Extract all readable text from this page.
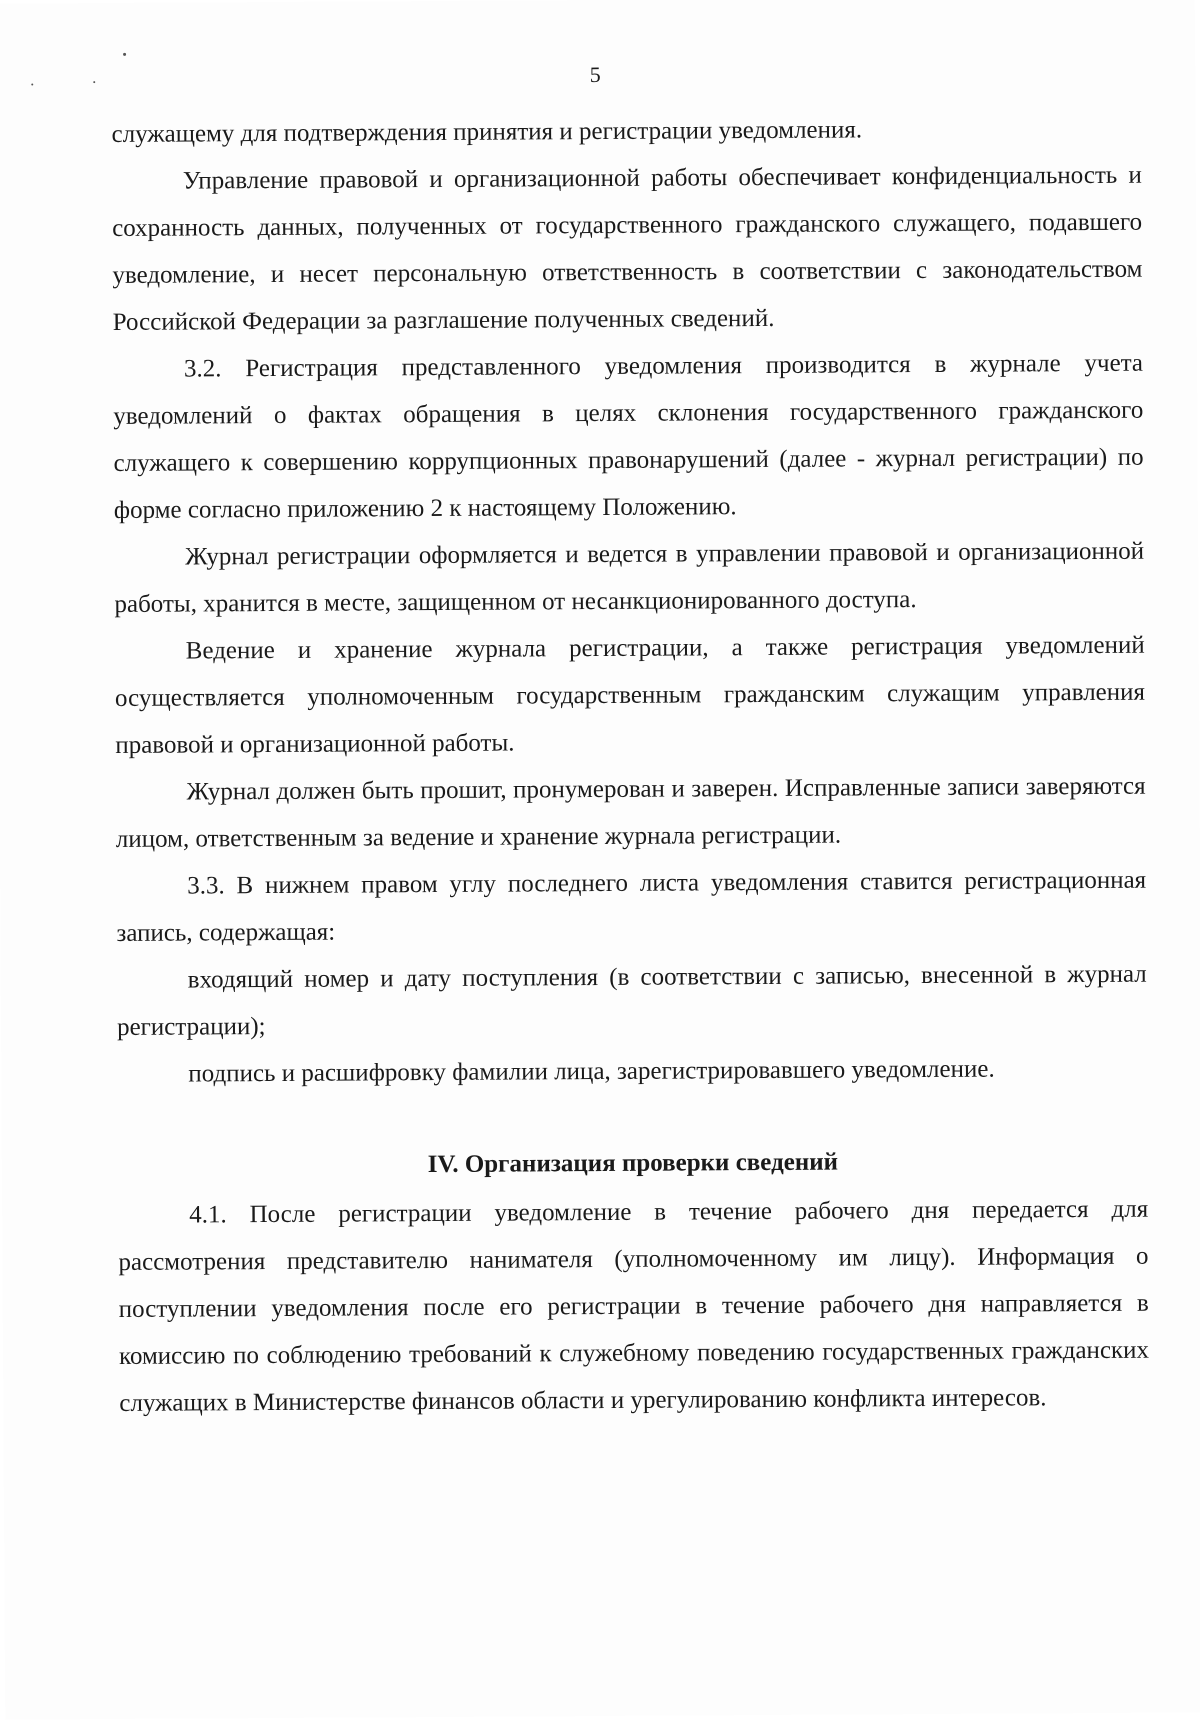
5

служащему для подтверждения принятия и регистрации уведомления.

Управление правовой и организационной работы обеспечивает конфиденциальность и сохранность данных, полученных от государственного гражданского служащего, подавшего уведомление, и несет персональную ответственность в соответствии с законодательством Российской Федерации за разглашение полученных сведений.

3.2. Регистрация представленного уведомления производится в журнале учета уведомлений о фактах обращения в целях склонения государственного гражданского служащего к совершению коррупционных правонарушений (далее - журнал регистрации) по форме согласно приложению 2 к настоящему Положению.

Журнал регистрации оформляется и ведется в управлении правовой и организационной работы, хранится в месте, защищенном от несанкционированного доступа.

Ведение и хранение журнала регистрации, а также регистрация уведомлений осуществляется уполномоченным государственным гражданским служащим управления правовой и организационной работы.

Журнал должен быть прошит, пронумерован и заверен. Исправленные записи заверяются лицом, ответственным за ведение и хранение журнала регистрации.

3.3. В нижнем правом углу последнего листа уведомления ставится регистрационная запись, содержащая:

входящий номер и дату поступления (в соответствии с записью, внесенной в журнал регистрации);

подпись и расшифровку фамилии лица, зарегистрировавшего уведомление.

IV. Организация проверки сведений

4.1. После регистрации уведомление в течение рабочего дня передается для рассмотрения представителю нанимателя (уполномоченному им лицу). Информация о поступлении уведомления после его регистрации в течение рабочего дня направляется в комиссию по соблюдению требований к служебному поведению государственных гражданских служащих в Министерстве финансов области и урегулированию конфликта интересов.
